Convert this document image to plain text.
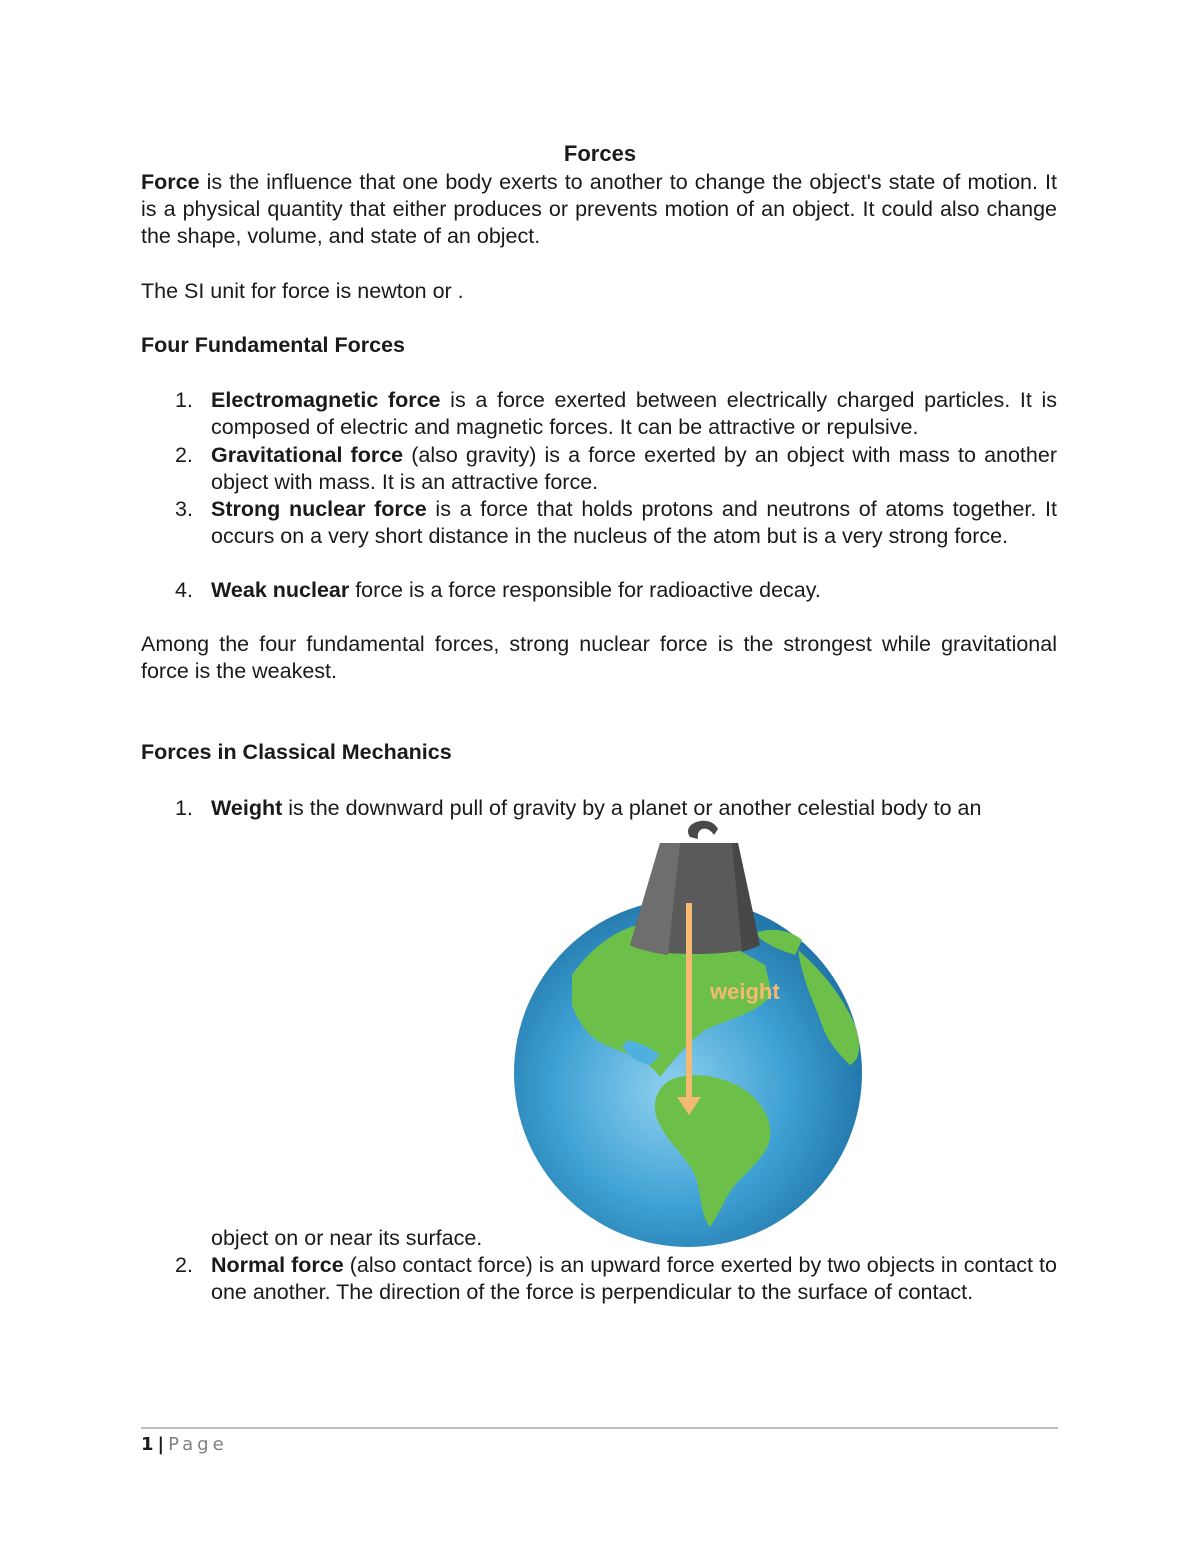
Forces

Force is the influence that one body exerts to another to change the object's state of motion. It is a physical quantity that either produces or prevents motion of an object. It could also change the shape, volume, and state of an object.

The SI unit for force is newton or .

Four Fundamental Forces
1. Electromagnetic force is a force exerted between electrically charged particles. It is composed of electric and magnetic forces. It can be attractive or repulsive.
2. Gravitational force (also gravity) is a force exerted by an object with mass to another object with mass. It is an attractive force.
3. Strong nuclear force is a force that holds protons and neutrons of atoms together. It occurs on a very short distance in the nucleus of the atom but is a very strong force.
4. Weak nuclear force is a force responsible for radioactive decay.

Among the four fundamental forces, strong nuclear force is the strongest while gravitational force is the weakest.

Forces in Classical Mechanics
1. Weight is the downward pull of gravity by a planet or another celestial body to an
weight

object on or near its surface.

2. Normal force (also contact force) is an upward force exerted by two objects in contact to one another. The direction of the force is perpendicular to the surface of contact.
1 | Page
